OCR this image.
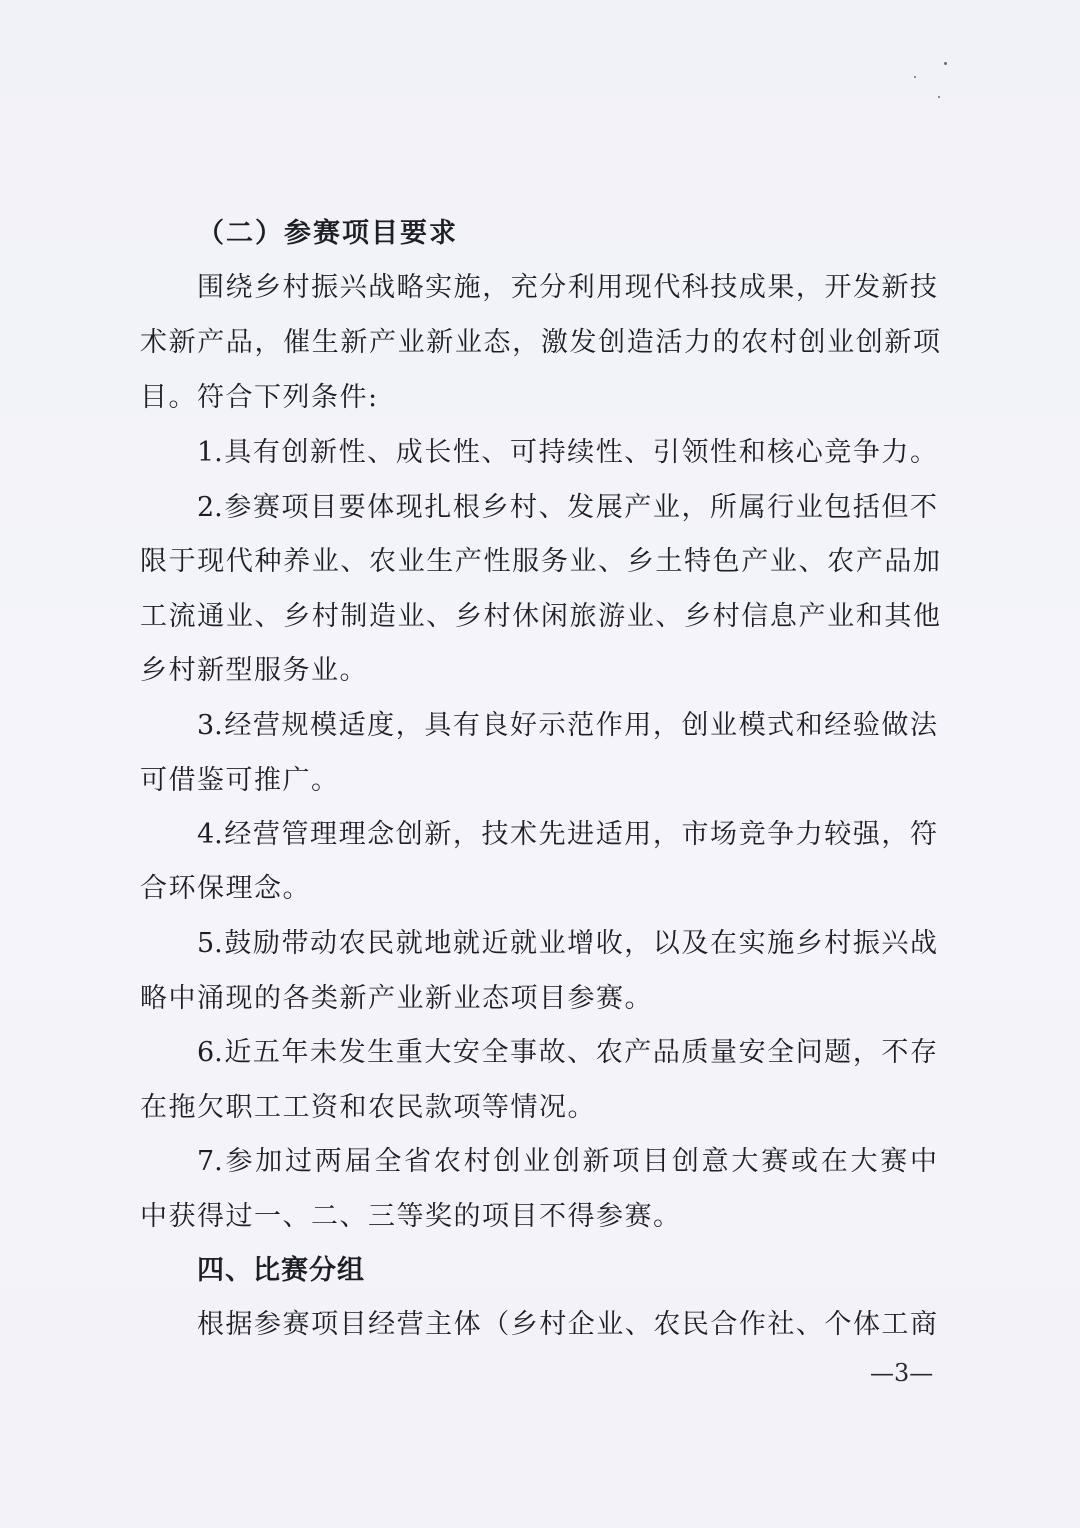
（二）参赛项目要求
围绕乡村振兴战略实施，充分利用现代科技成果，开发新技
术新产品，催生新产业新业态，激发创造活力的农村创业创新项
目。符合下列条件:
1.具有创新性、成长性、可持续性、引领性和核心竞争力。
2.参赛项目要体现扎根乡村、发展产业，所属行业包括但不
限于现代种养业、农业生产性服务业、乡土特色产业、农产品加
工流通业、乡村制造业、乡村休闲旅游业、乡村信息产业和其他
乡村新型服务业。
3.经营规模适度，具有良好示范作用，创业模式和经验做法
可借鉴可推广。
4.经营管理理念创新，技术先进适用，市场竞争力较强，符
合环保理念。
5.鼓励带动农民就地就近就业增收，以及在实施乡村振兴战
略中涌现的各类新产业新业态项目参赛。
6.近五年未发生重大安全事故、农产品质量安全问题，不存
在拖欠职工工资和农民款项等情况。
7.参加过两届全省农村创业创新项目创意大赛或在大赛中
中获得过一、二、三等奖的项目不得参赛。
四、比赛分组
根据参赛项目经营主体（乡村企业、农民合作社、个体工商
—3—
